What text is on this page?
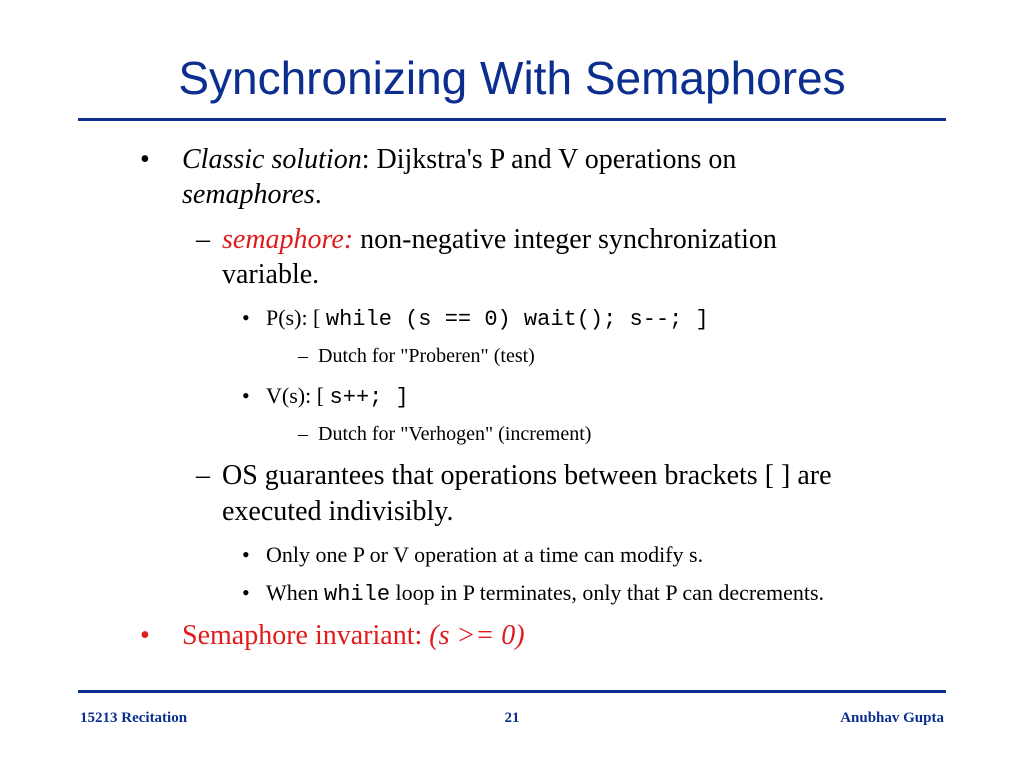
Synchronizing With Semaphores
• Classic solution: Dijkstra's P and V operations on
semaphores.
– semaphore: non-negative integer synchronization
variable.
• P(s): [ while (s == 0) wait(); s--; ]
– Dutch for "Proberen" (test)
• V(s): [ s++; ]
– Dutch for "Verhogen" (increment)
– OS guarantees that operations between brackets [ ] are
executed indivisibly.
• Only one P or V operation at a time can modify s.
• When while loop in P terminates, only that P can decrements.
• Semaphore invariant: (s >= 0)
15213 Recitation	21	Anubhav Gupta
